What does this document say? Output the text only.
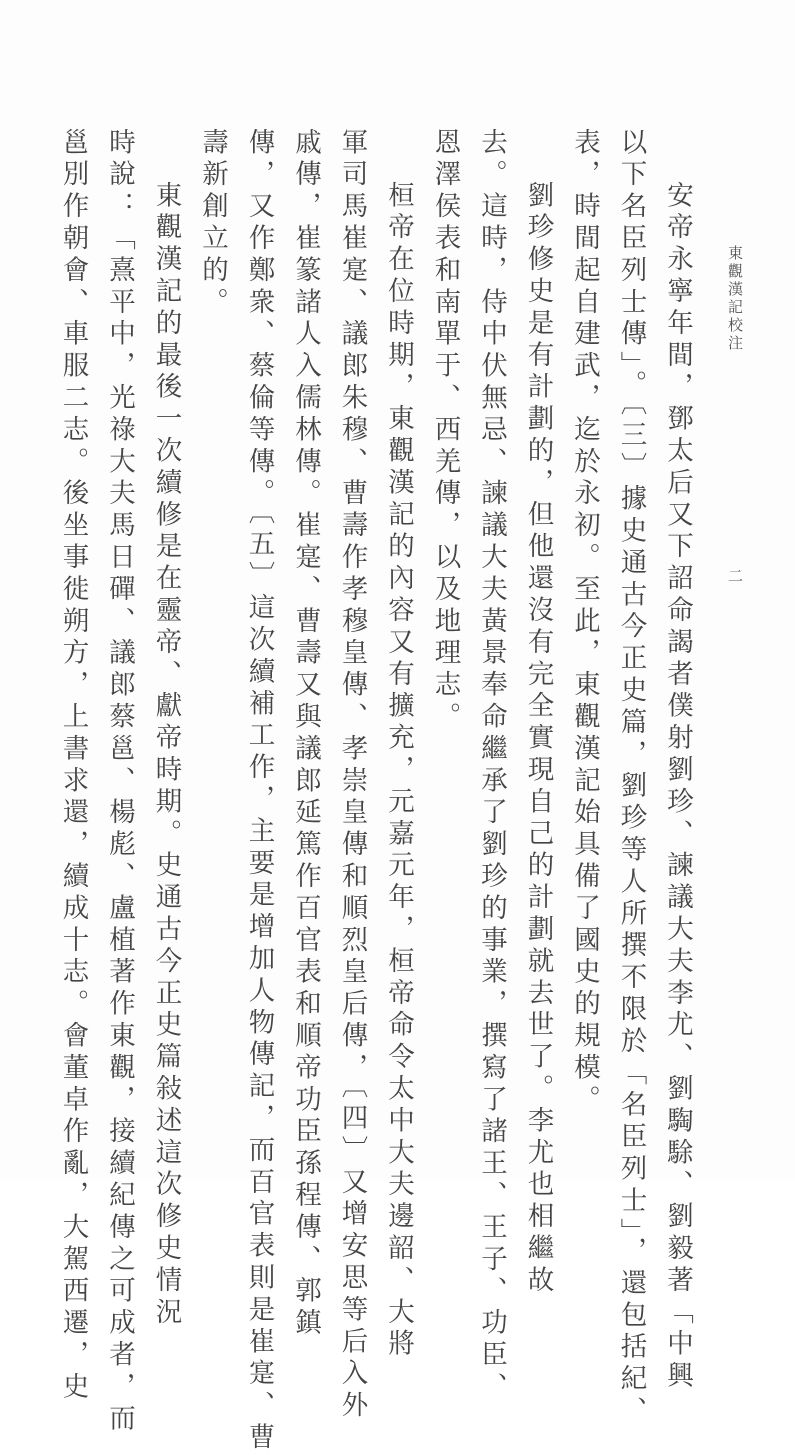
東觀漢記校注
二
安帝永寧年間，鄧太后又下詔命謁者僕射劉珍、諫議大夫李尤、劉騊駼、劉毅著「中興
以下名臣列士傳」。〔三〕據史通古今正史篇，劉珍等人所撰不限於「名臣列士」，還包括紀、
表，時間起自建武，迄於永初。至此，東觀漢記始具備了國史的規模。
劉珍修史是有計劃的，但他還沒有完全實現自己的計劃就去世了。李尤也相繼故
去。這時，侍中伏無忌、諫議大夫黃景奉命繼承了劉珍的事業，撰寫了諸王、王子、功臣、
恩澤侯表和南單于、西羌傳，以及地理志。
桓帝在位時期，東觀漢記的內容又有擴充，元嘉元年，桓帝命令太中大夫邊韶、大將
軍司馬崔寔、議郎朱穆、曹壽作孝穆皇傳、孝崇皇傳和順烈皇后傳，〔四〕又增安思等后入外
戚傳，崔篆諸人入儒林傳。崔寔、曹壽又與議郎延篤作百官表和順帝功臣孫程傳、郭鎮
傳，又作鄭衆、蔡倫等傳。〔五〕這次續補工作，主要是增加人物傳記，而百官表則是崔寔、曹
壽新創立的。
東觀漢記的最後一次續修是在靈帝、獻帝時期。史通古今正史篇敍述這次修史情況
時說：「熹平中，光祿大夫馬日磾、議郎蔡邕、楊彪、盧植著作東觀，接續紀傳之可成者，而
邕別作朝會、車服二志。後坐事徙朔方，上書求還，續成十志。會董卓作亂，大駕西遷，史
